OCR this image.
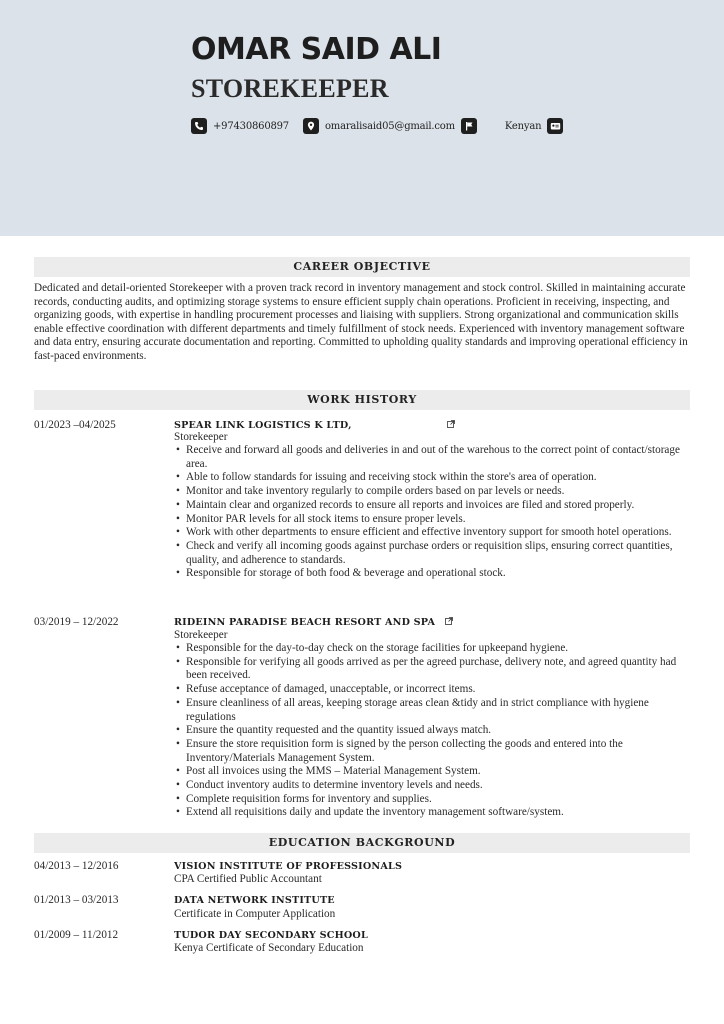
OMAR SAID ALI
STOREKEEPER
+97430860897	omaralisaid05@gmail.com	Kenyan
CAREER OBJECTIVE

Dedicated and detail-oriented Storekeeper with a proven track record in inventory management and stock control. Skilled in maintaining accurate records, conducting audits, and optimizing storage systems to ensure efficient supply chain operations. Proficient in receiving, inspecting, and organizing goods, with expertise in handling procurement processes and liaising with suppliers. Strong organizational and communication skills enable effective coordination with different departments and timely fulfillment of stock needs. Experienced with inventory management software and data entry, ensuring accurate documentation and reporting. Committed to upholding quality standards and improving operational efficiency in fast-paced environments.

WORK HISTORY
01/2023 –04/2025	SPEAR LINK LOGISTICS K LTD,
Storekeeper
• Receive and forward all goods and deliveries in and out of the warehous to the correct point of contact/storage area.
• Able to follow standards for issuing and receiving stock within the store's area of operation.
• Monitor and take inventory regularly to compile orders based on par levels or needs.
• Maintain clear and organized records to ensure all reports and invoices are filed and stored properly.
• Monitor PAR levels for all stock items to ensure proper levels.
• Work with other departments to ensure efficient and effective inventory support for smooth hotel operations.
• Check and verify all incoming goods against purchase orders or requisition slips, ensuring correct quantities, quality, and adherence to standards.
• Responsible for storage of both food & beverage and operational stock.
03/2019 – 12/2022	RIDEINN PARADISE BEACH RESORT AND SPA
Storekeeper
• Responsible for the day-to-day check on the storage facilities for upkeepand hygiene.
• Responsible for verifying all goods arrived as per the agreed purchase, delivery note, and agreed quantity had been received.
• Refuse acceptance of damaged, unacceptable, or incorrect items.
• Ensure cleanliness of all areas, keeping storage areas clean &tidy and in strict compliance with hygiene regulations
• Ensure the quantity requested and the quantity issued always match.
• Ensure the store requisition form is signed by the person collecting the goods and entered into the Inventory/Materials Management System.
• Post all invoices using the MMS – Material Management System.
• Conduct inventory audits to determine inventory levels and needs.
• Complete requisition forms for inventory and supplies.
• Extend all requisitions daily and update the inventory management software/system.
EDUCATION BACKGROUND
04/2013 – 12/2016	VISION INSTITUTE OF PROFESSIONALS
CPA Certified Public Accountant
01/2013 – 03/2013	DATA NETWORK INSTITUTE
Certificate in Computer Application
01/2009 – 11/2012	TUDOR DAY SECONDARY SCHOOL
Kenya Certificate of Secondary Education
